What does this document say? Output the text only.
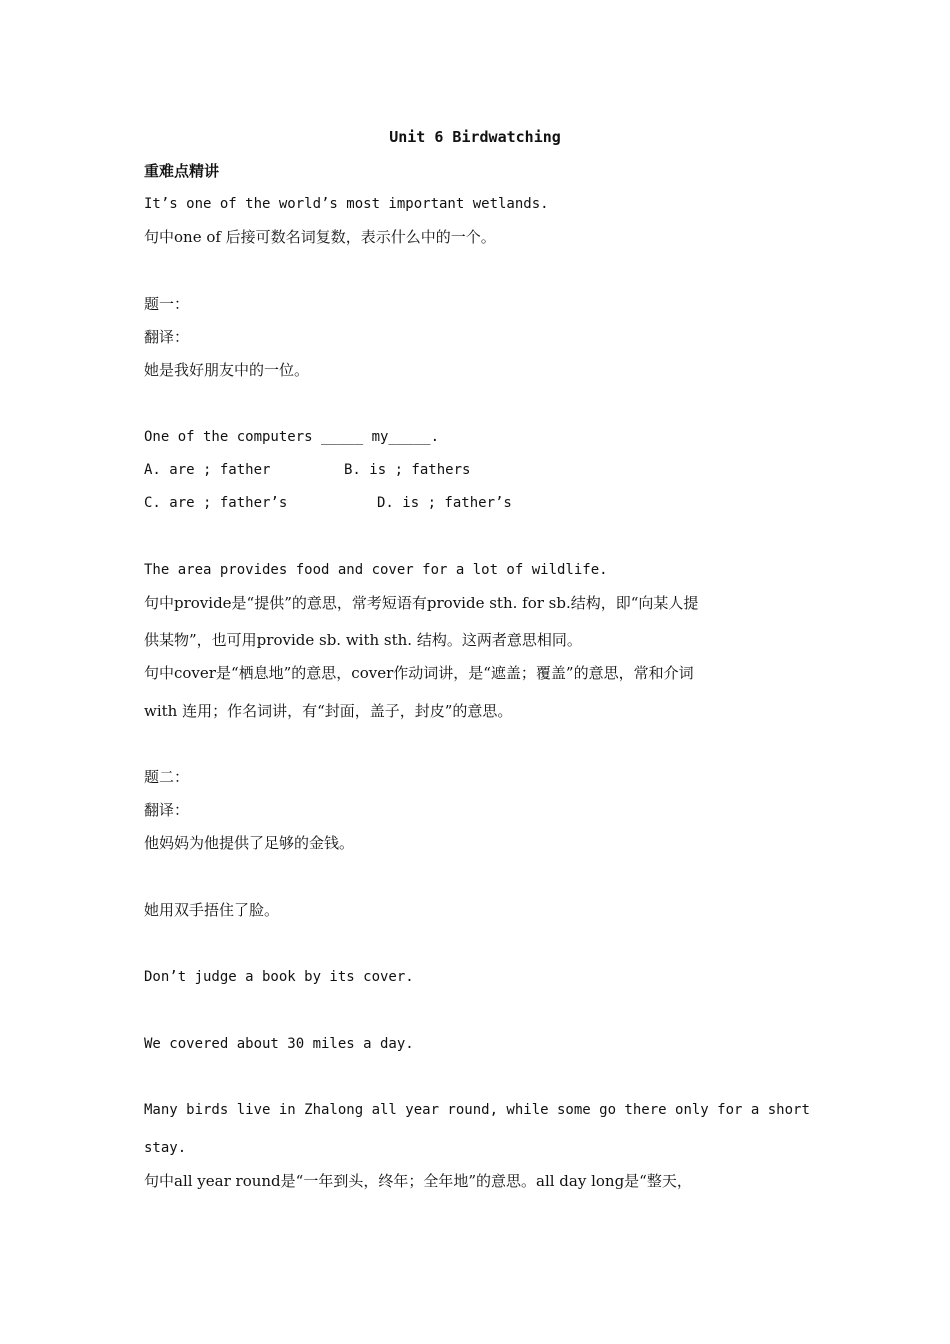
Unit 6 Birdwatching
重难点精讲
It’s one of the world’s most important wetlands.
句中one of 后接可数名词复数，表示什么中的一个。
题一：
翻译：
她是我好朋友中的一位。
One of the computers _____ my_____.
A. are ; father	B. is ; fathers
C. are ; father’s	D. is ; father’s
The area provides food and cover for a lot of wildlife.
句中provide是“提供”的意思，常考短语有provide sth. for sb.结构，即“向某人提
供某物”，也可用provide sb. with sth. 结构。这两者意思相同。
句中cover是“栖息地”的意思，cover作动词讲，是“遮盖；覆盖”的意思，常和介词
with 连用；作名词讲，有“封面，盖子，封皮”的意思。
题二：
翻译：
他妈妈为他提供了足够的金钱。
她用双手捂住了脸。
Don’t judge a book by its cover.
We covered about 30 miles a day.
Many birds live in Zhalong all year round, while some go there only for a short
stay.
句中all year round是“一年到头，终年；全年地”的意思。all day long是“整天，
